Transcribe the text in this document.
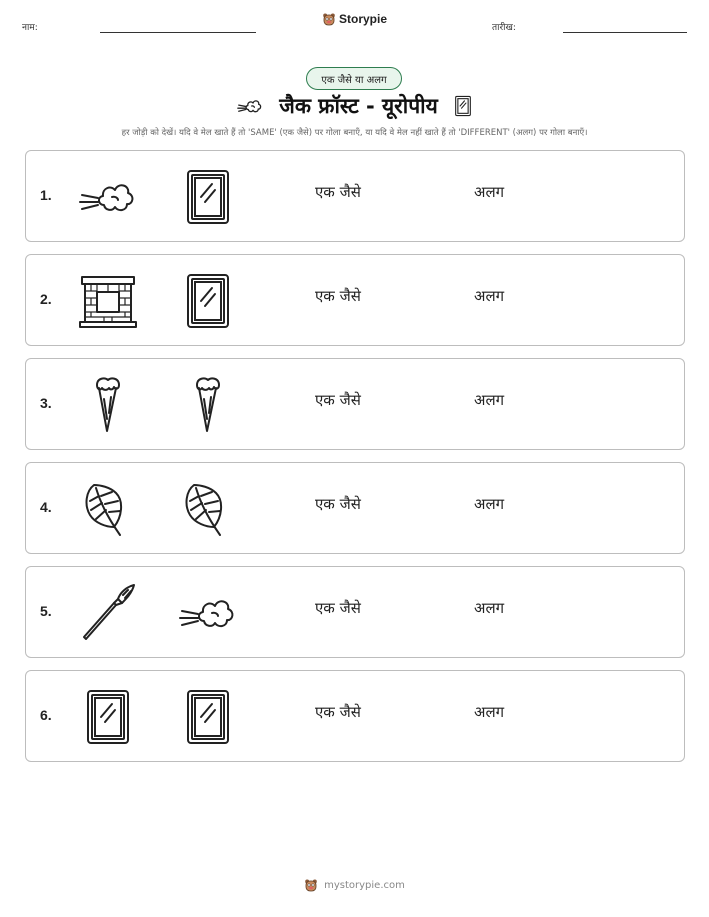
नाम:
Storypie
तारीख:
एक जैसे या अलग
जैक फ्रॉस्ट - यूरोपीय
हर जोड़ी को देखें। यदि वे मेल खाते हैं तो 'SAME' (एक जैसे) पर गोला बनाएँ, या यदि वे मेल नहीं खाते हैं तो 'DIFFERENT' (अलग) पर गोला बनाएँ।
1.	एक जैसे	अलग
2.	एक जैसे	अलग
3.	एक जैसे	अलग
4.	एक जैसे	अलग
5.	एक जैसे	अलग
6.	एक जैसे	अलग
mystorypie.com
